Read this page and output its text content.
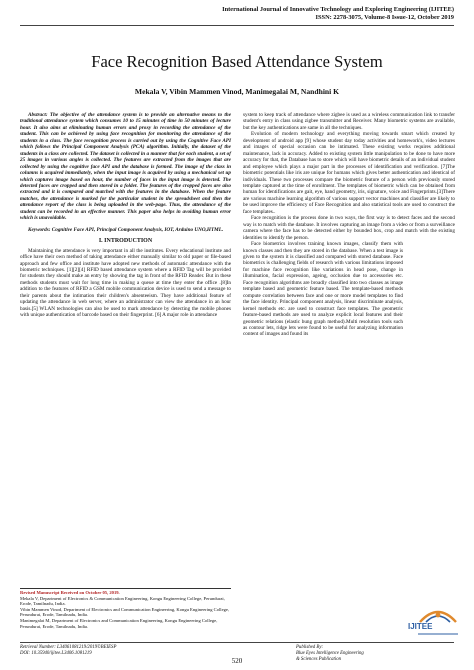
International Journal of Innovative Technology and Exploring Engineering (IJITEE)
ISSN: 2278-3075, Volume-8 Issue-12, October 2019
Face Recognition Based Attendance System
Mekala V, Vibin Mammen Vinod, Manimegalai M, Nandhini K

Abstract: The objective of the attendance system is to provide an alternative means to the traditional attendance system which consumes 10 to 15 minutes of time in 50 minutes of lecture hour. It also aims at eliminating human errors and proxy in recording the attendance of the student. This can be achieved by using face recognition for monitoring the attendance of the students in a class. The face recognition process is carried out by using the Cognitive Face API which follows the Principal Component Analysis (PCA) algorithm. Initially, the dataset of the students in a class are collected. The dataset is collected in a manner that for each student, a set of 25 images in various angles is collected. The features are extracted from the images that are collected by using the cognitive face API and the database is formed. The image of the class in columns is acquired immediately, when the input image is acquired by using a mechanical set up which captures image based on hour, the number of faces in the input image is detected. The detected faces are cropped and then stored in a folder. The features of the cropped faces are also extracted and it is compared and matched with the features in the database. When the feature matches, the attendance is marked for the particular student in the spreadsheet and then the attendance report of the class is being uploaded in the web-page. Thus, the attendance of the student can be recorded in an effective manner. This paper also helps in avoiding human error which is unavoidable.

Keywords: Cognitive Face API, Principal Component Analysis, IOT, Arduino UNO,HTML.

I. INTRODUCTION

Maintaining the attendance is very important in all the institutes. Every educational institute and office have their own method of taking attendance either manually similar to old paper or file-based approach and few office and institute have adopted new methods of automatic attendance with the biometric techniques. [1][2][4] RFID based attendance system where a RFID Tag will be provided for students they should make an entry by showing the tag in front of the RFID Reader. But in these methods students must wait for long time in making a queue at time they enter the office .[8]In addition to the features of RFID a GSM mobile communication device is used to send a message to their parents about the intimation their children's absenteeism. They have additional feature of updating the attendance in web server, where an administrator can view the attendance in an hour basis.[5] WLAN technologies can also be used to mark attendance by detecting the mobile phones with unique authentication of barcode based on their fingerprint. [6] A major role in attendance

system to keep track of attendance where zigbee is used as a wireless communication link to transfer student's entry in class using zigbee transmitter and Receiver. Many biometric systems are available, but the key authentications are same in all the techniques.

Evolution of modern technology and everything moving towards smart which created by development of android app [9] whose student day today activities and homework's, video lectures and images of special occasion can be intimated. These existing works requires additional maintenance, lack in accuracy. Added to existing system little manipulation to be done to have more accuracy for that, the Database has to store which will have biometric details of an individual student and employee which plays a major part in the processes of identification and verification. [7]The biometric potentials like iris are unique for humans which gives better authentication and identical of individuals. These two processes compare the biometric feature of a person with previously stored template captured at the time of enrollment. The templates of biometric which can be obtained from human for identifications are gait, eye, hand geometry, iris, signature, voice and Fingerprints.[3]There are various machine learning algorithm of various support vector machines and classifier are likely to be used improve the efficiency of Face Recognition and also statistical tools are used to construct the face templates..

Face recognition is the process done in two ways, the first way is to detect faces and the second way is to match with the database. It involves capturing an image from a video or from a surveillance camera where the face has to be detected either by bounded box, crop and match with the existing identities to identify the person.

Face biometrics involves training known images, classify them with known classes and then they are stored in the database. When a test image is given to the system it is classified and compared with stored database. Face biometrics is challenging fields of research with various limitations imposed for machine face recognition like variations in head pose, change in illumination, facial expression, ageing, occlusion due to accessories etc. Face recognition algorithms are broadly classified into two classes as image template based and geometric feature based. The template-based methods compute correlation between face and one or more model templates to find the face identity. Principal component analysis, linear discriminate analysis, kernel methods etc. are used to construct face templates. The geometric feature-based methods are used to analyze explicit local features and their geometric relations (elastic bung graph method).Multi resolution tools such as contour lets, ridge lets were found to be useful for analyzing information content of images and found its

Revised Manuscript Received on October 05, 2019.

Mekala V, Department of Electronics & Communication Engineering, Kongu Engineering College, Perundurai, Erode, Tamilnadu, India.

Vibin Mammen Vinod, Department of Electronics and Communication Engineering, Kongu Engineering College, Perundurai, Erode, Tamilnadu, India.

Manimegalai M, Department of Electronics and Communication Engineering, Kongu Engineering College, Perundurai, Erode, Tamilnadu, India.

Retrieval Number: L34061081219/2019©BEIESP
DOI: 10.35940/ijitee.L3406.1081219
520
Published By:
Blue Eyes Intelligence Engineering
& Sciences Publication
IJITEE
